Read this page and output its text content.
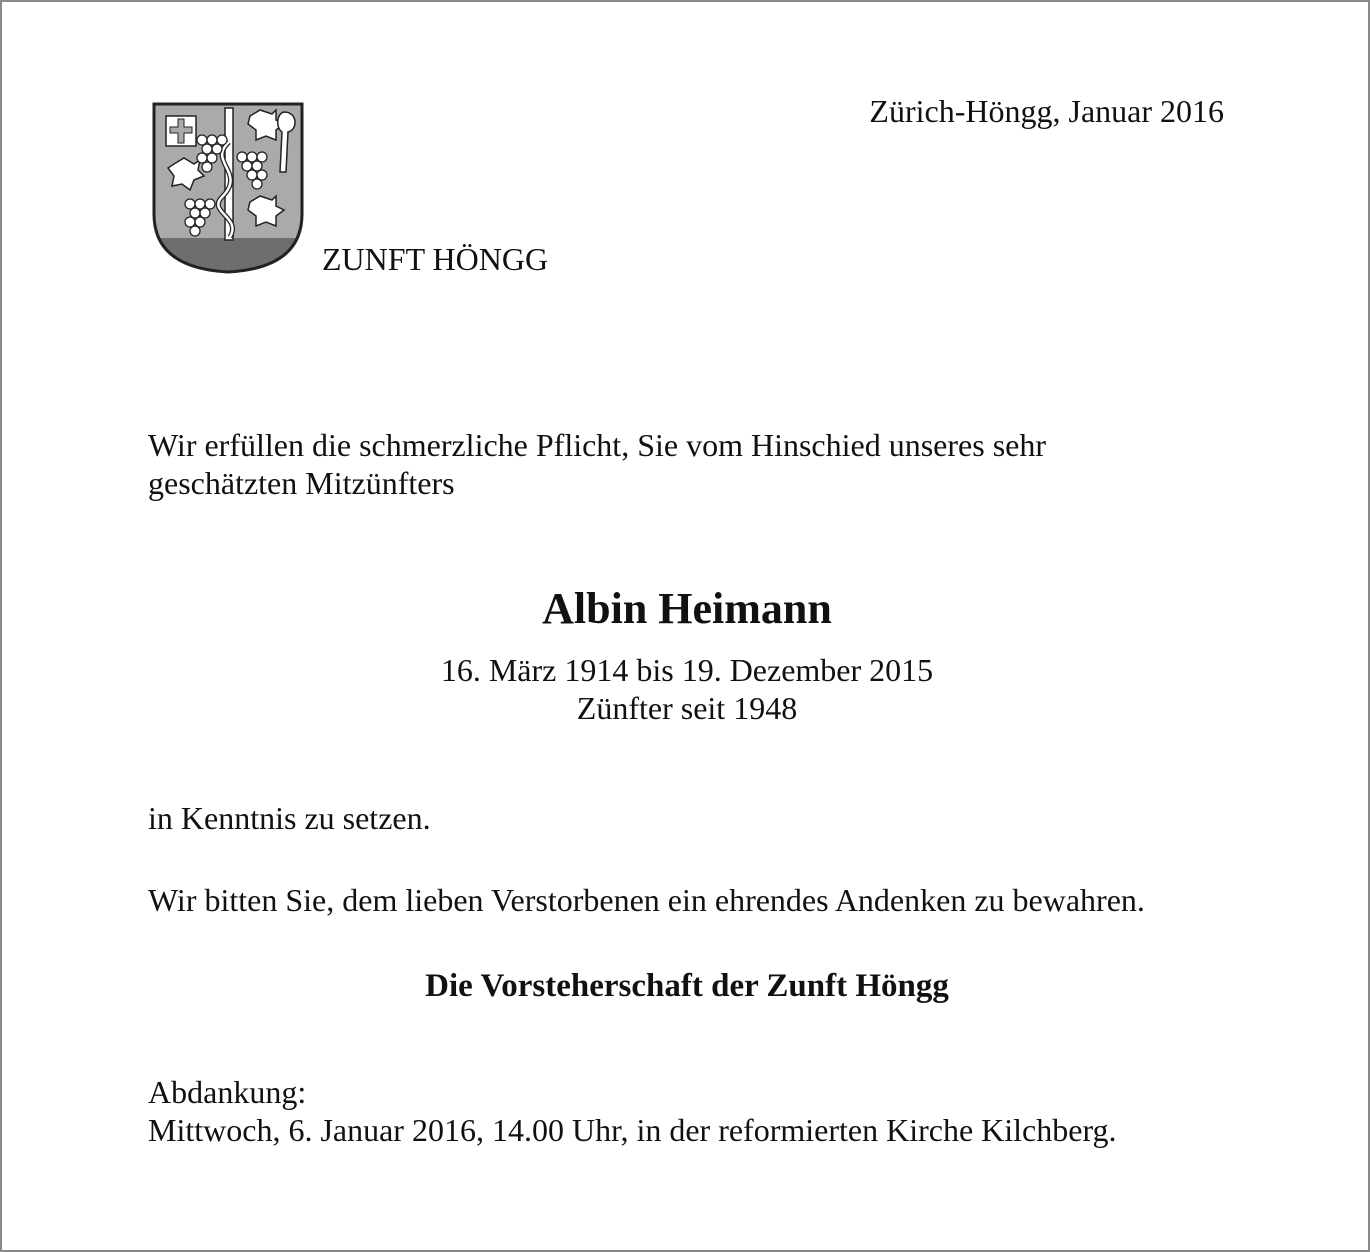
Zürich-Höngg, Januar 2016
ZUNFT HÖNGG
Wir erfüllen die schmerzliche Pflicht, Sie vom Hinschied unseres sehr
geschätzten Mitzünfters
Albin Heimann
16. März 1914 bis 19. Dezember 2015
Zünfter seit 1948
in Kenntnis zu setzen.
Wir bitten Sie, dem lieben Verstorbenen ein ehrendes Andenken zu bewahren.
Die Vorsteherschaft der Zunft Höngg
Abdankung:
Mittwoch, 6. Januar 2016, 14.00 Uhr, in der reformierten Kirche Kilchberg.
